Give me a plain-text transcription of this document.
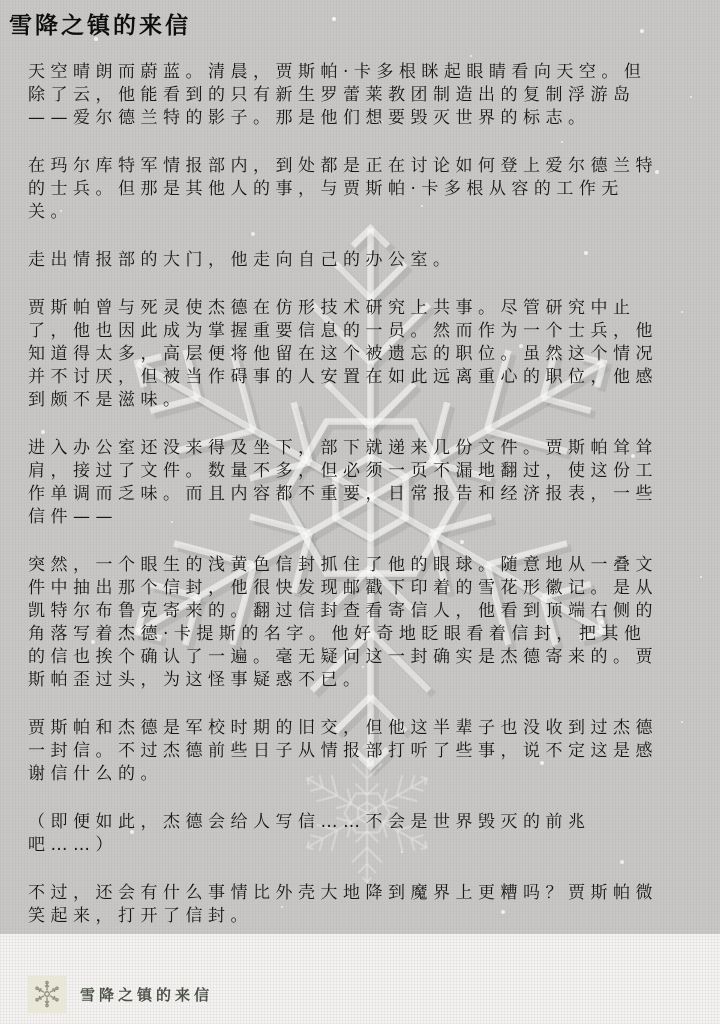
雪降之镇的来信

天空晴朗而蔚蓝。清晨，贾斯帕·卡多根眯起眼睛看向天空。但除了云，他能看到的只有新生罗蕾莱教团制造出的复制浮游岛——爱尔德兰特的影子。那是他们想要毁灭世界的标志。

在玛尔库特军情报部内，到处都是正在讨论如何登上爱尔德兰特的士兵。但那是其他人的事，与贾斯帕·卡多根从容的工作无关。

走出情报部的大门，他走向自己的办公室。

贾斯帕曾与死灵使杰德在仿形技术研究上共事。尽管研究中止了，他也因此成为掌握重要信息的一员。然而作为一个士兵，他知道得太多，高层便将他留在这个被遗忘的职位。虽然这个情况并不讨厌，但被当作碍事的人安置在如此远离重心的职位，他感到颇不是滋味。

进入办公室还没来得及坐下，部下就递来几份文件。贾斯帕耸耸肩，接过了文件。数量不多，但必须一页不漏地翻过，使这份工作单调而乏味。而且内容都不重要，日常报告和经济报表，一些信件——

突然，一个眼生的浅黄色信封抓住了他的眼球。随意地从一叠文件中抽出那个信封，他很快发现邮戳下印着的雪花形徽记。是从凯特尔布鲁克寄来的。翻过信封查看寄信人，他看到顶端右侧的角落写着杰德·卡提斯的名字。他好奇地眨眼看着信封，把其他的信也挨个确认了一遍。毫无疑问这一封确实是杰德寄来的。贾斯帕歪过头，为这怪事疑惑不已。

贾斯帕和杰德是军校时期的旧交，但他这半辈子也没收到过杰德一封信。不过杰德前些日子从情报部打听了些事，说不定这是感谢信什么的。

（即便如此，杰德会给人写信……不会是世界毁灭的前兆吧……）

不过，还会有什么事情比外壳大地降到魔界上更糟吗？贾斯帕微笑起来，打开了信封。

雪降之镇的来信
